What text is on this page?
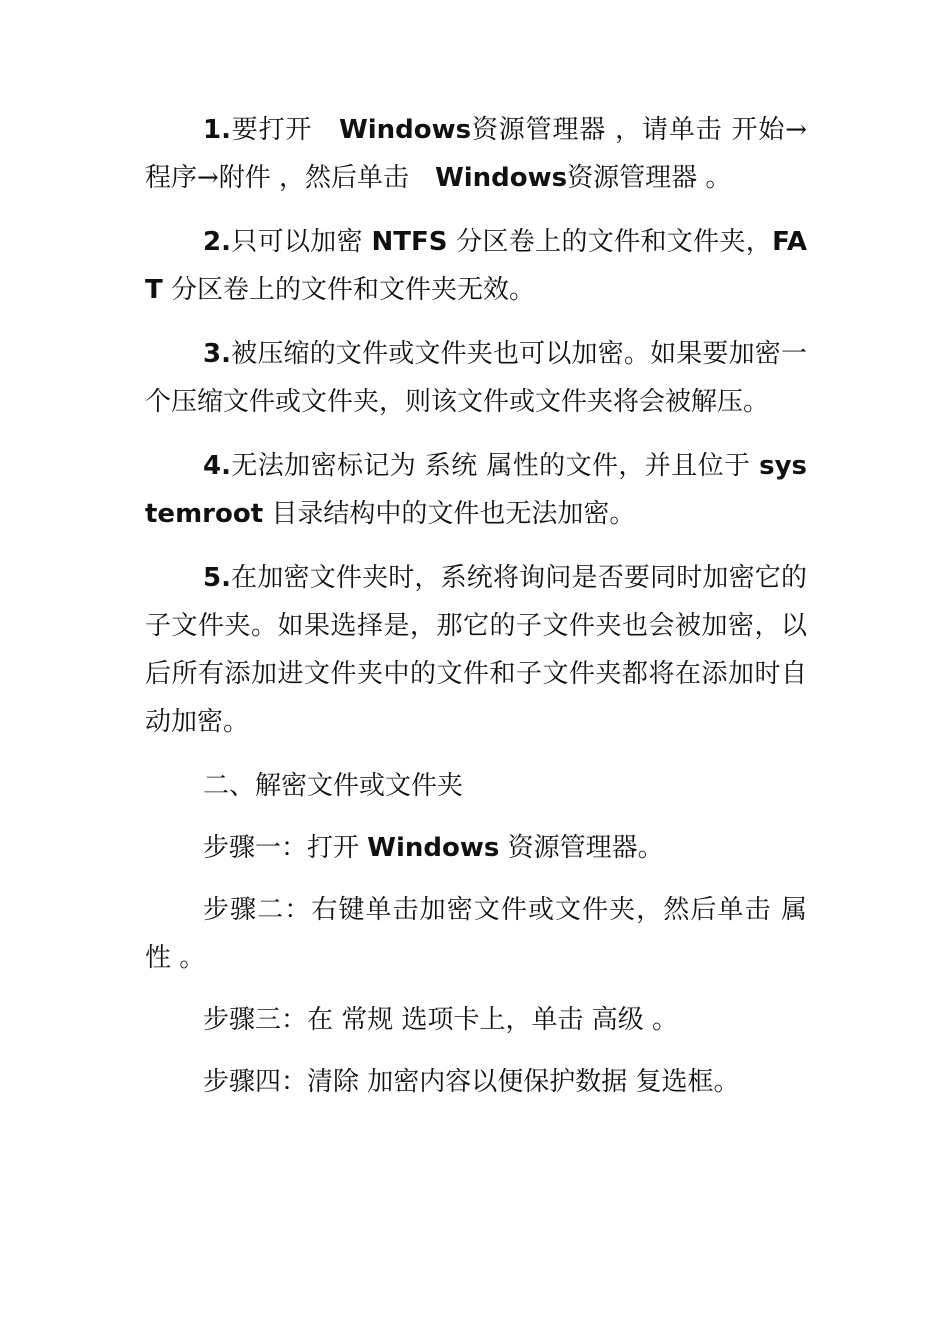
1.要打开　Windows资源管理器 ，请单击 开始→程序→附件 ，然后单击　Windows资源管理器 。

2.只可以加密 NTFS 分区卷上的文件和文件夹，FAT 分区卷上的文件和文件夹无效。

3.被压缩的文件或文件夹也可以加密。如果要加密一个压缩文件或文件夹，则该文件或文件夹将会被解压。

4.无法加密标记为 系统 属性的文件，并且位于 systemroot 目录结构中的文件也无法加密。

5.在加密文件夹时，系统将询问是否要同时加密它的子文件夹。如果选择是，那它的子文件夹也会被加密，以后所有添加进文件夹中的文件和子文件夹都将在添加时自动加密。

二、解密文件或文件夹

步骤一：打开 Windows 资源管理器。

步骤二：右键单击加密文件或文件夹，然后单击 属性 。

步骤三：在 常规 选项卡上，单击 高级 。

步骤四：清除 加密内容以便保护数据 复选框。
